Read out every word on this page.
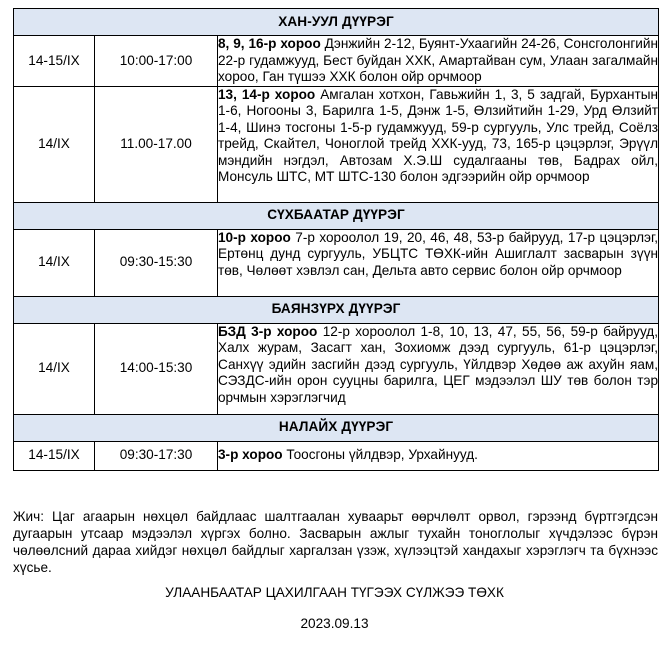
ХАН-УУЛ ДҮҮРЭГ		
14-15/IX	10:00-17:00	8, 9, 16-р хороо Дэнжийн 2-12, Буянт-Ухаагийн 24-26, Сонсголонгийн 22-р гудамжууд, Бест буйдан ХХК, Амартайван сум, Улаан загалмайн хороо, Ган түшээ ХХК болон ойр орчмоор
14/IX	11.00-17.00	13, 14-р хороо Амгалан хотхон, Гавьжийн 1, 3, 5 задгай, Бурхантын 1-6, Ногооны 3, Барилга 1-5, Дэнж 1-5, Өлзийтийн 1-29, Урд Өлзийт 1-4, Шинэ тосгоны 1-5-р гудамжууд, 59-р сургууль, Улс трейд, Соёлз трейд, Скайтел, Чоноглой трейд ХХК-ууд, 73, 165-р цэцэрлэг, Эрүүл мэндийн нэгдэл, Автозам Х.Э.Ш судалгааны төв, Бадрах ойл, Монсуль ШТС, МТ ШТС-130 болон эдгээрийн ойр орчмоор
СҮХБААТАР ДҮҮРЭГ		
14/IX	09:30-15:30	10-р хороо 7-р хороолол 19, 20, 46, 48, 53-р байрууд, 17-р цэцэрлэг, Ертөнц дунд сургууль, УБЦТС ТӨХК-ийн Ашиглалт засварын зүүн төв, Чөлөөт хэвлэл сан, Дельта авто сервис болон ойр орчмоор
БАЯНЗҮРХ ДҮҮРЭГ		
14/IX	14:00-15:30	БЗД 3-р хороо 12-р хороолол 1-8, 10, 13, 47, 55, 56, 59-р байрууд, Халх журам, Засагт хан, Зохиомж дээд сургууль, 61-р цэцэрлэг, Санхүү эдийн засгийн дээд сургууль, Үйлдвэр Хөдөө аж ахуйн яам, СЭЗДС-ийн орон сууцны барилга, ЦЕГ мэдээлэл ШУ төв болон тэр орчмын хэрэглэгчид
НАЛАЙХ ДҮҮРЭГ		
14-15/IX	09:30-17:30	3-р хороо Тоосгоны үйлдвэр, Урхайнууд.
Жич: Цаг агаарын нөхцөл байдлаас шалтгаалан хуваарьт өөрчлөлт орвол, гэрээнд бүртгэгдсэн дугаарын утсаар мэдээлэл хүргэх болно. Засварын ажлыг тухайн тоноглолыг хүчдэлээс бүрэн чөлөөлсний дараа хийдэг нөхцөл байдлыг харгалзан үзэж, хүлээцтэй хандахыг хэрэглэгч та бүхнээс хүсье.
УЛААНБААТАР ЦАХИЛГААН ТҮГЭЭХ СҮЛЖЭЭ ТӨХК
2023.09.13
